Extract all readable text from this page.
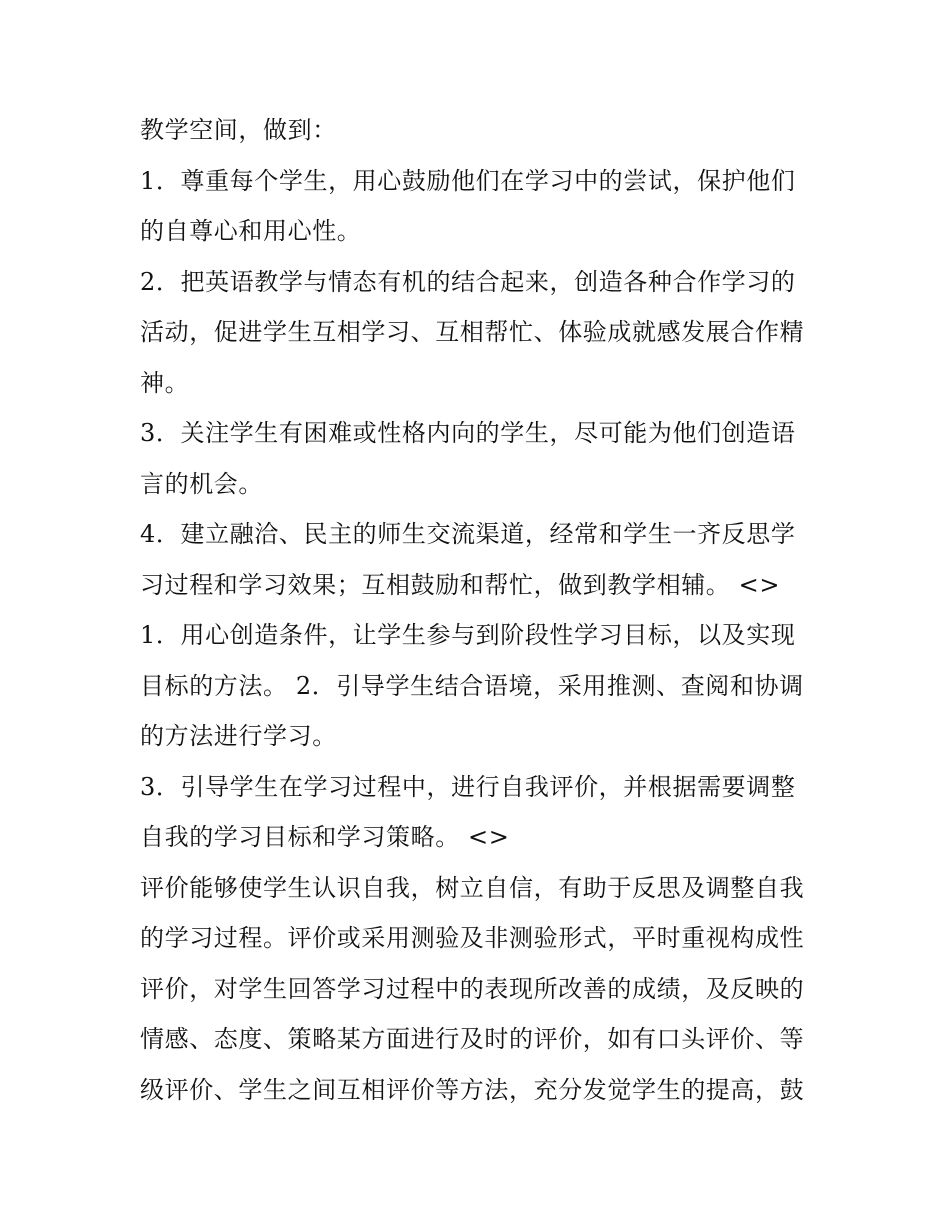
教学空间，做到：
1．尊重每个学生，用心鼓励他们在学习中的尝试，保护他们
的自尊心和用心性。
2．把英语教学与情态有机的结合起来，创造各种合作学习的
活动，促进学生互相学习、互相帮忙、体验成就感发展合作精
神。
3．关注学生有困难或性格内向的学生，尽可能为他们创造语
言的机会。
4．建立融洽、民主的师生交流渠道，经常和学生一齐反思学
习过程和学习效果；互相鼓励和帮忙，做到教学相辅。 <>
1．用心创造条件，让学生参与到阶段性学习目标，以及实现
目标的方法。 2．引导学生结合语境，采用推测、查阅和协调
的方法进行学习。
3．引导学生在学习过程中，进行自我评价，并根据需要调整
自我的学习目标和学习策略。 <>
评价能够使学生认识自我，树立自信，有助于反思及调整自我
的学习过程。评价或采用测验及非测验形式，平时重视构成性
评价，对学生回答学习过程中的表现所改善的成绩，及反映的
情感、态度、策略某方面进行及时的评价，如有口头评价、等
级评价、学生之间互相评价等方法，充分发觉学生的提高，鼓
